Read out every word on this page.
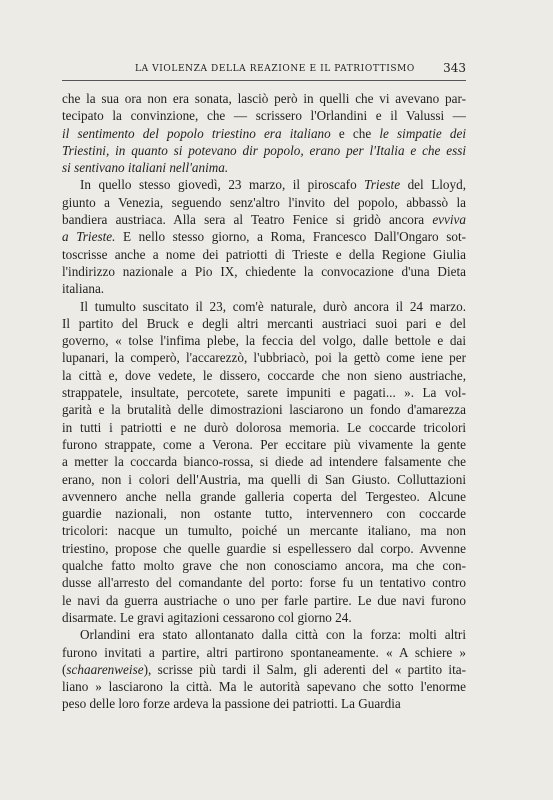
LA VIOLENZA DELLA REAZIONE E IL PATRIOTTISMO 343
che la sua ora non era sonata, lasciò però in quelli che vi avevano par-
tecipato la convinzione, che — scrissero l'Orlandini e il Valussi —
il sentimento del popolo triestino era italiano e che le simpatie dei
Triestini, in quanto si potevano dir popolo, erano per l'Italia e che essi
si sentivano italiani nell'anima.
In quello stesso giovedì, 23 marzo, il piroscafo Trieste del Lloyd,
giunto a Venezia, seguendo senz'altro l'invito del popolo, abbassò la
bandiera austriaca. Alla sera al Teatro Fenice si gridò ancora evviva
a Trieste. E nello stesso giorno, a Roma, Francesco Dall'Ongaro sot-
toscrisse anche a nome dei patriotti di Trieste e della Regione Giulia
l'indirizzo nazionale a Pio IX, chiedente la convocazione d'una Dieta
italiana.
Il tumulto suscitato il 23, com'è naturale, durò ancora il 24 marzo.
Il partito del Bruck e degli altri mercanti austriaci suoi pari e del
governo, « tolse l'infima plebe, la feccia del volgo, dalle bettole e dai
lupanari, la comperò, l'accarezzò, l'ubbriacò, poi la gettò come iene per
la città e, dove vedete, le dissero, coccarde che non sieno austriache,
strappatele, insultate, percotete, sarete impuniti e pagati... ». La vol-
garità e la brutalità delle dimostrazioni lasciarono un fondo d'amarezza
in tutti i patriotti e ne durò dolorosa memoria. Le coccarde tricolori
furono strappate, come a Verona. Per eccitare più vivamente la gente
a metter la coccarda bianco-rossa, si diede ad intendere falsamente che
erano, non i colori dell'Austria, ma quelli di San Giusto. Colluttazioni
avvennero anche nella grande galleria coperta del Tergesteo. Alcune
guardie nazionali, non ostante tutto, intervennero con coccarde
tricolori: nacque un tumulto, poiché un mercante italiano, ma non
triestino, propose che quelle guardie si espellessero dal corpo. Avvenne
qualche fatto molto grave che non conosciamo ancora, ma che con-
dusse all'arresto del comandante del porto: forse fu un tentativo contro
le navi da guerra austriache o uno per farle partire. Le due navi furono
disarmate. Le gravi agitazioni cessarono col giorno 24.
Orlandini era stato allontanato dalla città con la forza: molti altri
furono invitati a partire, altri partirono spontaneamente. « A schiere »
(schaarenweise), scrisse più tardi il Salm, gli aderenti del « partito ita-
liano » lasciarono la città. Ma le autorità sapevano che sotto l'enorme
peso delle loro forze ardeva la passione dei patriotti. La Guardia
